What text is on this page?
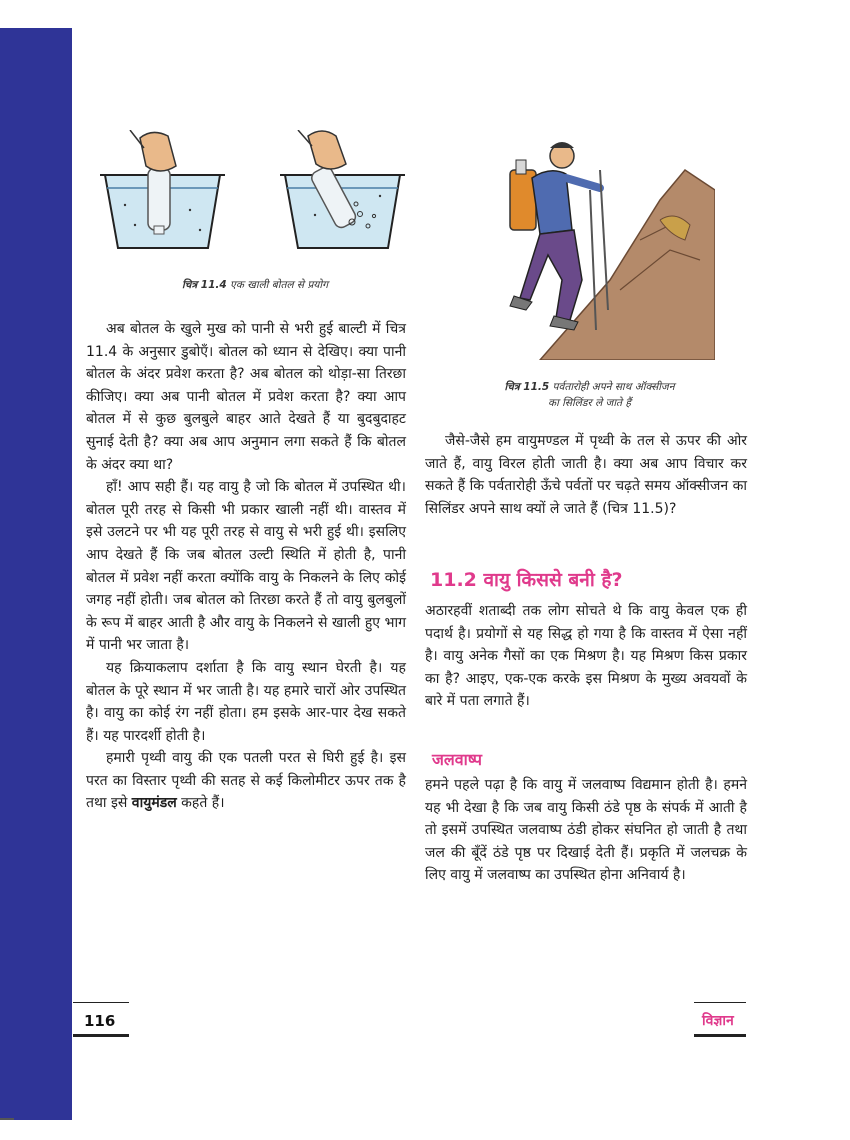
चित्र 11.4 एक खाली बोतल से प्रयोग
चित्र 11.5 पर्वतारोही अपने साथ ऑक्सीजन
का सिलिंडर ले जाते हैं

अब बोतल के खुले मुख को पानी से भरी हुई बाल्टी में चित्र 11.4 के अनुसार डुबोएँ। बोतल को ध्यान से देखिए। क्या पानी बोतल के अंदर प्रवेश करता है? अब बोतल को थोड़ा-सा तिरछा कीजिए। क्या अब पानी बोतल में प्रवेश करता है? क्या आप बोतल में से कुछ बुलबुले बाहर आते देखते हैं या बुदबुदाहट सुनाई देती है? क्या अब आप अनुमान लगा सकते हैं कि बोतल के अंदर क्या था?

हाँ! आप सही हैं। यह वायु है जो कि बोतल में उपस्थित थी। बोतल पूरी तरह से किसी भी प्रकार खाली नहीं थी। वास्तव में इसे उलटने पर भी यह पूरी तरह से वायु से भरी हुई थी। इसलिए आप देखते हैं कि जब बोतल उल्टी स्थिति में होती है, पानी बोतल में प्रवेश नहीं करता क्योंकि वायु के निकलने के लिए कोई जगह नहीं होती। जब बोतल को तिरछा करते हैं तो वायु बुलबुलों के रूप में बाहर आती है और वायु के निकलने से खाली हुए भाग में पानी भर जाता है।

यह क्रियाकलाप दर्शाता है कि वायु स्थान घेरती है। यह बोतल के पूरे स्थान में भर जाती है। यह हमारे चारों ओर उपस्थित है। वायु का कोई रंग नहीं होता। हम इसके आर-पार देख सकते हैं। यह पारदर्शी होती है।

हमारी पृथ्वी वायु की एक पतली परत से घिरी हुई है। इस परत का विस्तार पृथ्वी की सतह से कई किलोमीटर ऊपर तक है तथा इसे वायुमंडल कहते हैं।

जैसे-जैसे हम वायुमण्डल में पृथ्वी के तल से ऊपर की ओर जाते हैं, वायु विरल होती जाती है। क्या अब आप विचार कर सकते हैं कि पर्वतारोही ऊँचे पर्वतों पर चढ़ते समय ऑक्सीजन का सिलिंडर अपने साथ क्यों ले जाते हैं (चित्र 11.5)?

11.2 वायु किससे बनी है?

अठारहवीं शताब्दी तक लोग सोचते थे कि वायु केवल एक ही पदार्थ है। प्रयोगों से यह सिद्ध हो गया है कि वास्तव में ऐसा नहीं है। वायु अनेक गैसों का एक मिश्रण है। यह मिश्रण किस प्रकार का है? आइए, एक-एक करके इस मिश्रण के मुख्य अवयवों के बारे में पता लगाते हैं।

जलवाष्प

हमने पहले पढ़ा है कि वायु में जलवाष्प विद्यमान होती है। हमने यह भी देखा है कि जब वायु किसी ठंडे पृष्ठ के संपर्क में आती है तो इसमें उपस्थित जलवाष्प ठंडी होकर संघनित हो जाती है तथा जल की बूँदें ठंडे पृष्ठ पर दिखाई देती हैं। प्रकृति में जलचक्र के लिए वायु में जलवाष्प का उपस्थित होना अनिवार्य है।

116	विज्ञान
